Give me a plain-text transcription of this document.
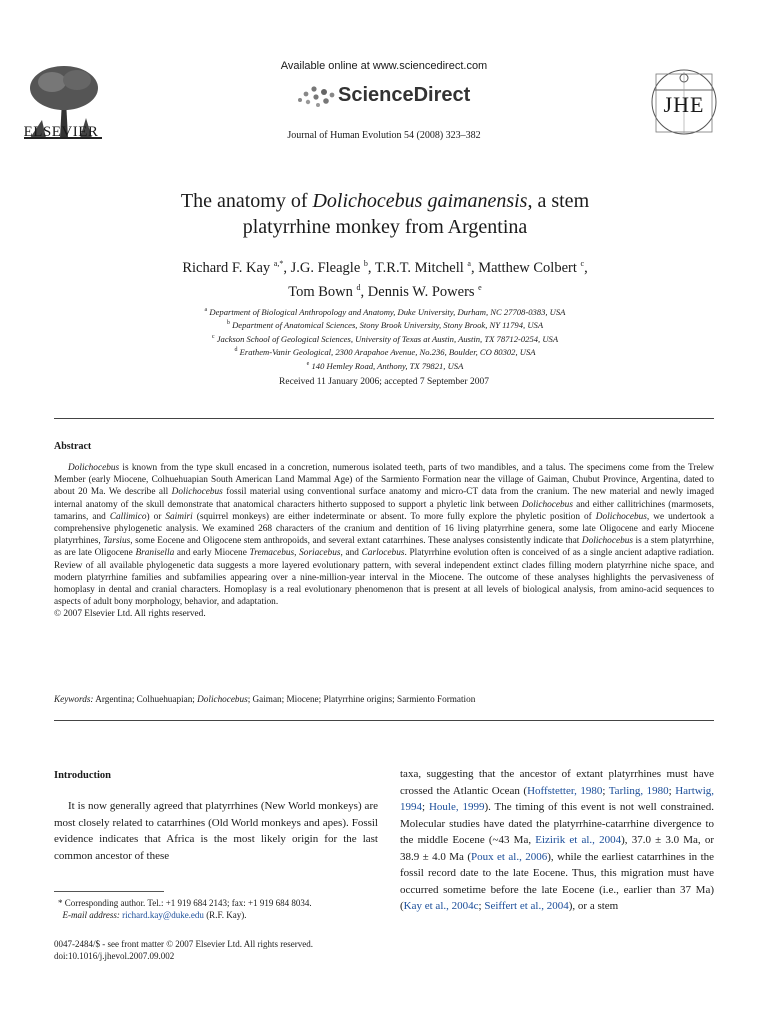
ELSEVIER
Available online at www.sciencedirect.com
ScienceDirect
Journal of Human Evolution 54 (2008) 323–382
JHE
The anatomy of Dolichocebus gaimanensis, a stem
platyrrhine monkey from Argentina
Richard F. Kay $^{a,*}$, J.G. Fleagle $^b$, T.R.T. Mitchell $^a$, Matthew Colbert $^c$,
Tom Bown $^d$, Dennis W. Powers $^e$
$^a$ Department of Biological Anthropology and Anatomy, Duke University, Durham, NC 27708-0383, USA
$^b$ Department of Anatomical Sciences, Stony Brook University, Stony Brook, NY 11794, USA
$^c$ Jackson School of Geological Sciences, University of Texas at Austin, Austin, TX 78712-0254, USA
$^d$ Erathem-Vanir Geological, 2300 Arapahoe Avenue, No.236, Boulder, CO 80302, USA
$^e$ 140 Hemley Road, Anthony, TX 79821, USA
Received 11 January 2006; accepted 7 September 2007
Abstract

Dolichocebus is known from the type skull encased in a concretion, numerous isolated teeth, parts of two mandibles, and a talus. The specimens come from the Trelew Member (early Miocene, Colhuehuapian South American Land Mammal Age) of the Sarmiento Formation near the village of Gaiman, Chubut Province, Argentina, dated to about 20 Ma. We describe all Dolichocebus fossil material using conventional surface anatomy and micro-CT data from the cranium. The new material and newly imaged internal anatomy of the skull demonstrate that anatomical characters hitherto supposed to support a phyletic link between Dolichocebus and either callitrichines (marmosets, tamarins, and Callimico) or Saimiri (squirrel monkeys) are either indeterminate or absent. To more fully explore the phyletic position of Dolichocebus, we undertook a comprehensive phylogenetic analysis. We examined 268 characters of the cranium and dentition of 16 living platyrrhine genera, some late Oligocene and early Miocene platyrrhines, Tarsius, some Eocene and Oligocene stem anthropoids, and several extant catarrhines. These analyses consistently indicate that Dolichocebus is a stem platyrrhine, as are late Oligocene Branisella and early Miocene Tremacebus, Soriacebus, and Carlocebus. Platyrrhine evolution often is conceived of as a single ancient adaptive radiation. Review of all available phylogenetic data suggests a more layered evolutionary pattern, with several independent extinct clades filling modern platyrrhine niche space, and modern platyrrhine families and subfamilies appearing over a nine-million-year interval in the Miocene. The outcome of these analyses highlights the pervasiveness of homoplasy in dental and cranial characters. Homoplasy is a real evolutionary phenomenon that is present at all levels of biological analysis, from amino-acid sequences to aspects of adult bony morphology, behavior, and adaptation.

© 2007 Elsevier Ltd. All rights reserved.
Keywords: Argentina; Colhuehuapian; Dolichocebus; Gaiman; Miocene; Platyrrhine origins; Sarmiento Formation
Introduction

It is now generally agreed that platyrrhines (New World monkeys) are most closely related to catarrhines (Old World monkeys and apes). Fossil evidence indicates that Africa is the most likely origin for the last common ancestor of these

taxa, suggesting that the ancestor of extant platyrrhines must have crossed the Atlantic Ocean (Hoffstetter, 1980; Tarling, 1980; Hartwig, 1994; Houle, 1999). The timing of this event is not well constrained. Molecular studies have dated the platyrrhine-catarrhine divergence to the middle Eocene (~43 Ma, Eizirik et al., 2004), 37.0 ± 3.0 Ma, or 38.9 ± 4.0 Ma (Poux et al., 2006), while the earliest catarrhines in the fossil record date to the late Eocene. Thus, this migration must have occurred sometime before the late Eocene (i.e., earlier than 37 Ma) (Kay et al., 2004c; Seiffert et al., 2004), or a stem

* Corresponding author. Tel.: +1 919 684 2143; fax: +1 919 684 8034.
E-mail address: richard.kay@duke.edu (R.F. Kay).
0047-2484/$ - see front matter © 2007 Elsevier Ltd. All rights reserved.
doi:10.1016/j.jhevol.2007.09.002
